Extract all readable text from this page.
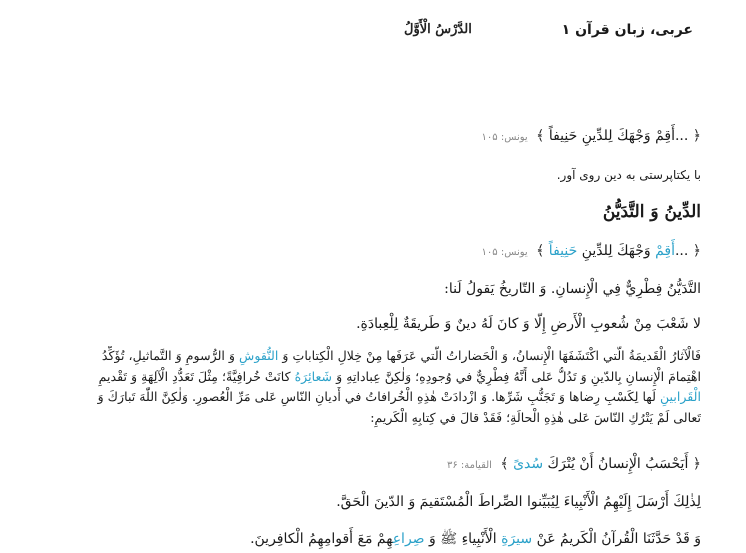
عربی، زبان قرآن ۱
الدَّرْسُ الْأَوَّلُ
﴿ ...أَقِمْ وَجْهَكَ لِلدِّينِ حَنِيفاً ﴾ یونس: ۱۰۵
با یکتاپرستی به دین روی آور.
الدِّينُ وَ التَّدَيُّنُ
﴿ ...أَقِمْ وَجْهَكَ لِلدِّينِ حَنِيفاً ﴾ یونس: ۱۰۵
التَّدَيُّنُ فِطْرِيٌّ فِي الْإِنسانِ. وَ التّاريخُ يَقولُ لَنا:
لا شَعْبَ مِنْ شُعوبِ الْأَرضِ إِلّا وَ كانَ لَهُ دينٌ وَ طَريقَةٌ لِلْعِبادَةِ.
فَالْآثارُ الْقَديمَةُ الَّتي اكْتَشَفَهَا الْإِنسانُ، وَ الْحَضاراتُ الَّتي عَرَفَها مِنْ خِلالِ الْكِتاباتِ وَ النُّقوشِ وَ الرُّسومِ وَ التَّماثيلِ، تُؤَكِّدُ
اهْتِمامَ الْإِنسانِ بِالدّينِ وَ تَدُلُّ عَلى أَنَّهُ فِطْرِيٌّ في وُجودِهِ؛ وَلٰكِنَّ عِباداتِهِ وَ شَعائِرَهُ كانَتْ خُرافِيَّةً؛ مِثْلَ تَعَدُّدِ الْآلِهَةِ وَ تَقْديمِ
الْقَرابينِ لَها لِكَسْبِ رِضاها وَ تَجَنُّبِ شَرِّها. وَ ازْدادَتْ هٰذِهِ الْخُرافاتُ في أَديانِ النّاسِ عَلى مَرِّ الْعُصورِ. وَلٰكِنَّ اللّٰهَ تَبارَكَ وَ
تَعالى لَمْ يَتْرُكِ النّاسَ عَلى هٰذِهِ الْحالَةِ؛ فَقَدْ قالَ في كِتابِهِ الْكَريمِ:
﴿ أَيَحْسَبُ الْإِنسانُ أَنْ يُتْرَكَ سُدىً ﴾ القیامة: ۳۶
لِذٰلِكَ أَرْسَلَ إِلَيْهِمُ الْأَنْبِياءَ لِيُبَيِّنوا الصِّراطَ الْمُسْتَقيمَ وَ الدّينَ الْحَقَّ.
وَ قَدْ حَدَّثَنَا الْقُرآنُ الْكَريمُ عَنْ سيرَةِ الْأَنْبِياءِ ﷺ وَ صِراعِهِمْ مَعَ أَقوامِهِمُ الْكافِرينَ.
